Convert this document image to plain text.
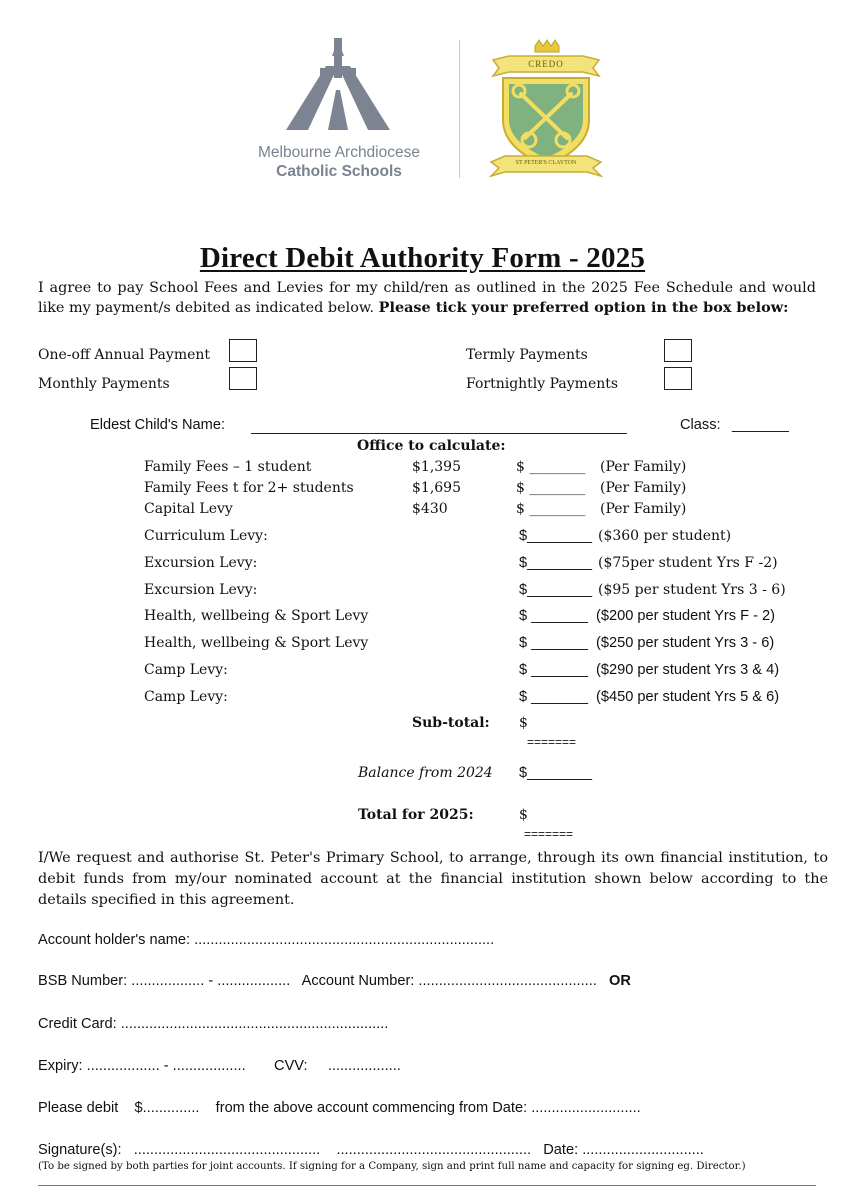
Melbourne Archdiocese
Catholic Schools
CREDO
ST PETER'S CLAYTON
Direct Debit Authority Form - 2025
I agree to pay School Fees and Levies for my child/ren as outlined in the 2025 Fee Schedule and would like my payment/s debited as indicated below. Please tick your preferred option in the box below:
One-off Annual Payment	Termly Payments
Monthly Payments	Fortnightly Payments
Eldest Child's Name:	Class: _______
Office to calculate:
Family Fees – 1 student	$1,395	$ ________ (Per Family)
Family Fees t for 2+ students	$1,695	$ ________ (Per Family)
Capital Levy	$430	$ ________ (Per Family)
Curriculum Levy:	$________ ($360 per student)
Excursion Levy:	$________ ($75per student Yrs F -2)
Excursion Levy:	$________ ($95 per student Yrs 3 - 6)
Health, wellbeing & Sport Levy	$ _______ ($200 per student Yrs F - 2)
Health, wellbeing & Sport Levy	$ _______ ($250 per student Yrs 3 - 6)
Camp Levy:	$ _______ ($290 per student Yrs 3 & 4)
Camp Levy:	$ _______ ($450 per student Yrs 5 & 6)
Sub-total: $
=======
Balance from 2024 $________
Total for 2025:	$
=======
I/We request and authorise St. Peter's Primary School, to arrange, through its own financial institution, to debit funds from my/our nominated account at the financial institution shown below according to the details specified in this agreement.
Account holder's name: ..........................................................................
BSB Number: .................. - .................. Account Number: ............................................ OR
Credit Card: ..................................................................
Expiry: .................. - .................. CVV: ..................
Please debit $.............. from the above account commencing from Date: ...........................
Signature(s): .............................................. ................................................ Date: ..............................
(To be signed by both parties for joint accounts. If signing for a Company, sign and print full name and capacity for signing eg. Director.)
